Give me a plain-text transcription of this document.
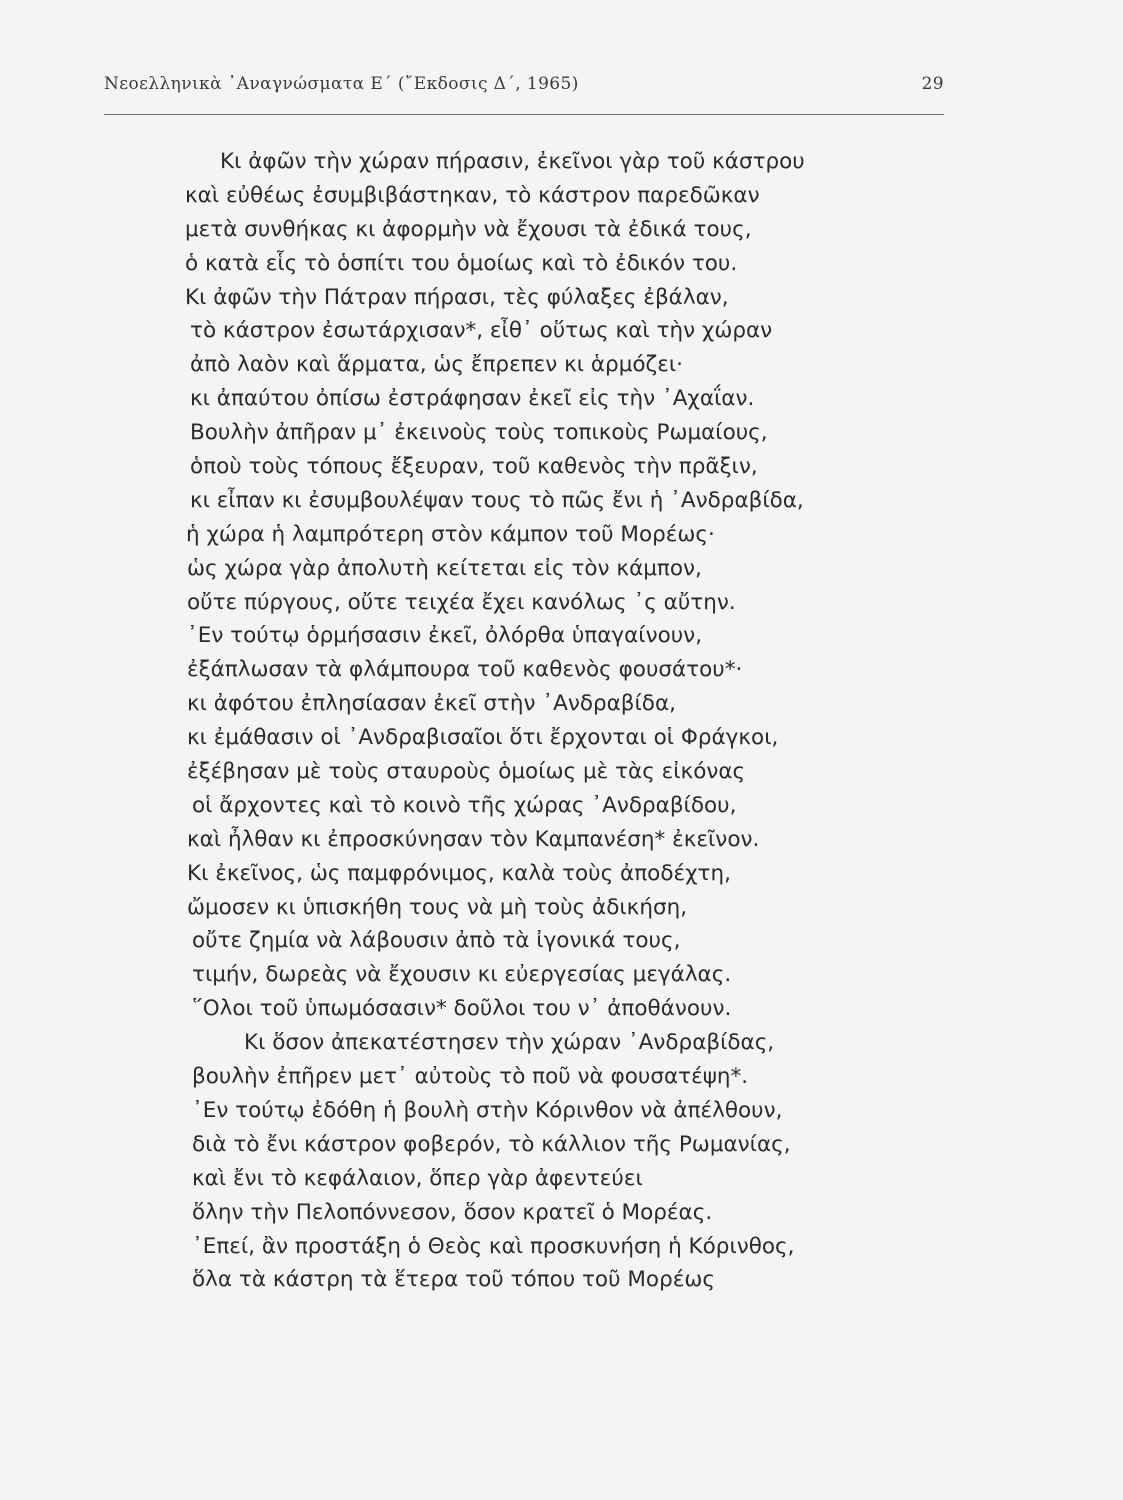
Νεοελληνικὰ ᾿Αναγνώσματα Ε΄ (῎Εκδοσις Δ΄, 1965)	29
Κι ἀφῶν τὴν χώραν πήρασιν, ἐκεῖνοι γὰρ τοῦ κάστρου
καὶ εὐθέως ἐσυμβιβάστηκαν, τὸ κάστρον παρεδῶκαν
μετὰ συνθήκας κι ἀφορμὴν νὰ ἔχουσι τὰ ἐδικά τους,
ὁ κατὰ εἷς τὸ ὁσπίτι του ὁμοίως καὶ τὸ ἐδικόν του.
Κι ἀφῶν τὴν Πάτραν πήρασι, τὲς φύλαξες ἐβάλαν,
τὸ κάστρον ἐσωτάρχισαν*, εἶθ᾿ οὕτως καὶ τὴν χώραν
ἀπὸ λαὸν καὶ ἅρματα, ὡς ἔπρεπεν κι ἁρμόζει·
κι ἀπαύτου ὀπίσω ἐστράφησαν ἐκεῖ εἰς τὴν ᾿Αχαΐαν.
Βουλὴν ἀπῆραν μ᾿ ἐκεινοὺς τοὺς τοπικοὺς Ρωμαίους,
ὁποὺ τοὺς τόπους ἔξευραν, τοῦ καθενὸς τὴν πρᾶξιν,
κι εἶπαν κι ἐσυμβουλέψαν τους τὸ πῶς ἔνι ἡ ᾿Ανδραβίδα,
ἡ χώρα ἡ λαμπρότερη στὸν κάμπον τοῦ Μορέως·
ὡς χώρα γὰρ ἀπολυτὴ κείτεται εἰς τὸν κάμπον,
οὔτε πύργους, οὔτε τειχέα ἔχει κανόλως ᾿ς αὔτην.
᾿Εν τούτῳ ὁρμήσασιν ἐκεῖ, ὀλόρθα ὑπαγαίνουν,
ἐξάπλωσαν τὰ φλάμπουρα τοῦ καθενὸς φουσάτου*·
κι ἀφότου ἐπλησίασαν ἐκεῖ στὴν ᾿Ανδραβίδα,
κι ἐμάθασιν οἱ ᾿Ανδραβισαῖοι ὅτι ἔρχονται οἱ Φράγκοι,
ἐξέβησαν μὲ τοὺς σταυροὺς ὁμοίως μὲ τὰς εἰκόνας
οἱ ἄρχοντες καὶ τὸ κοινὸ τῆς χώρας ᾿Ανδραβίδου,
καὶ ἦλθαν κι ἐπροσκύνησαν τὸν Καμπανέση* ἐκεῖνον.
Κι ἐκεῖνος, ὡς παμφρόνιμος, καλὰ τοὺς ἀποδέχτη,
ὤμοσεν κι ὑπισκήθη τους νὰ μὴ τοὺς ἀδικήση,
οὔτε ζημία νὰ λάβουσιν ἀπὸ τὰ ἰγονικά τους,
τιμήν, δωρεὰς νὰ ἔχουσιν κι εὐεργεσίας μεγάλας.
῞Ολοι τοῦ ὑπωμόσασιν* δοῦλοι του ν᾿ ἀποθάνουν.
Κι ὅσον ἀπεκατέστησεν τὴν χώραν ᾿Ανδραβίδας,
βουλὴν ἐπῆρεν μετ᾿ αὐτοὺς τὸ ποῦ νὰ φουσατέψη*.
᾿Εν τούτῳ ἐδόθη ἡ βουλὴ στὴν Κόρινθον νὰ ἀπέλθουν,
διὰ τὸ ἔνι κάστρον φοβερόν, τὸ κάλλιον τῆς Ρωμανίας,
καὶ ἔνι τὸ κεφάλαιον, ὅπερ γὰρ ἀφεντεύει
ὅλην τὴν Πελοπόννεσον, ὅσον κρατεῖ ὁ Μορέας.
᾿Επεί, ἂν προστάξη ὁ Θεὸς καὶ προσκυνήση ἡ Κόρινθος,
ὅλα τὰ κάστρη τὰ ἕτερα τοῦ τόπου τοῦ Μορέως
